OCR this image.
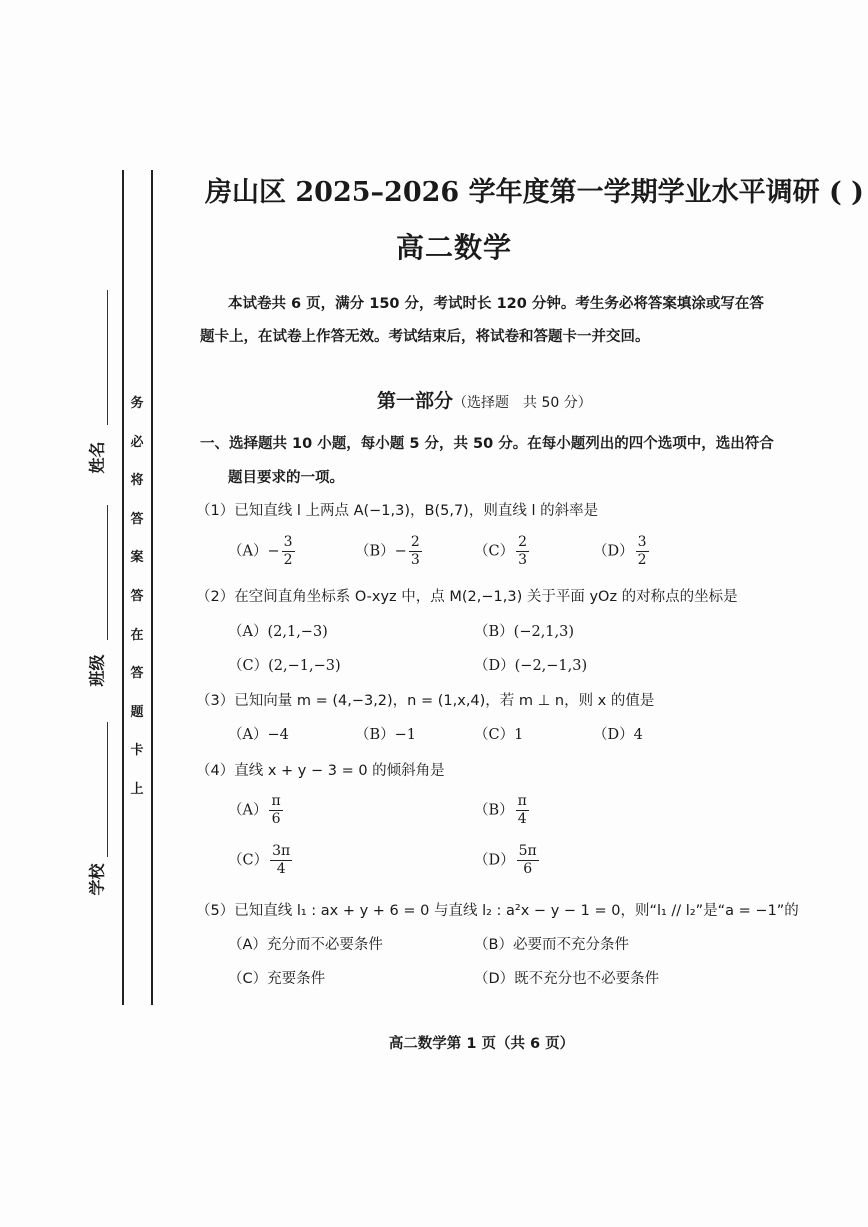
姓名
班级
学校
务
必
将
答
案
答
在
答
题
卡
上
房山区 2025–2026 学年度第一学期学业水平调研 ( )
高二数学
本试卷共 6 页，满分 150 分，考试时长 120 分钟。考生务必将答案填涂或写在答
题卡上，在试卷上作答无效。考试结束后，将试卷和答题卡一并交回。
第一部分（选择题　共 50 分）
一、选择题共 10 小题，每小题 5 分，共 50 分。在每小题列出的四个选项中，选出符合
题目要求的一项。
（1）已知直线 l 上两点 A(−1,3)，B(5,7)，则直线 l 的斜率是
$(A)- \frac{3}{2}$	$(B)- \frac{2}{3}$	$(C) \frac{2}{3}$	$(D) \frac{3}{2}$
（2）在空间直角坐标系 O-xyz 中，点 M(2,−1,3) 关于平面 yOz 的对称点的坐标是
（A）(2,1,−3)	（B）(−2,1,3)
（C）(2,−1,−3)	（D）(−2,−1,3)
（3）已知向量 m = (4,−3,2)，n = (1,x,4)，若 m ⊥ n，则 x 的值是
（A）−4	（B）−1	（C）1	（D）4
（4）直线 x + y − 3 = 0 的倾斜角是
$(A) \frac{\pi}{6}$	$(B) \frac{\pi}{4}$
$(C) \frac{3\pi}{4}$	$(D) \frac{5\pi}{6}$
（5）已知直线 l₁ : ax + y + 6 = 0 与直线 l₂ : a²x − y − 1 = 0，则“l₁ // l₂”是“a = −1”的
（A）充分而不必要条件	（B）必要而不充分条件
（C）充要条件	（D）既不充分也不必要条件
高二数学第 1 页（共 6 页）
